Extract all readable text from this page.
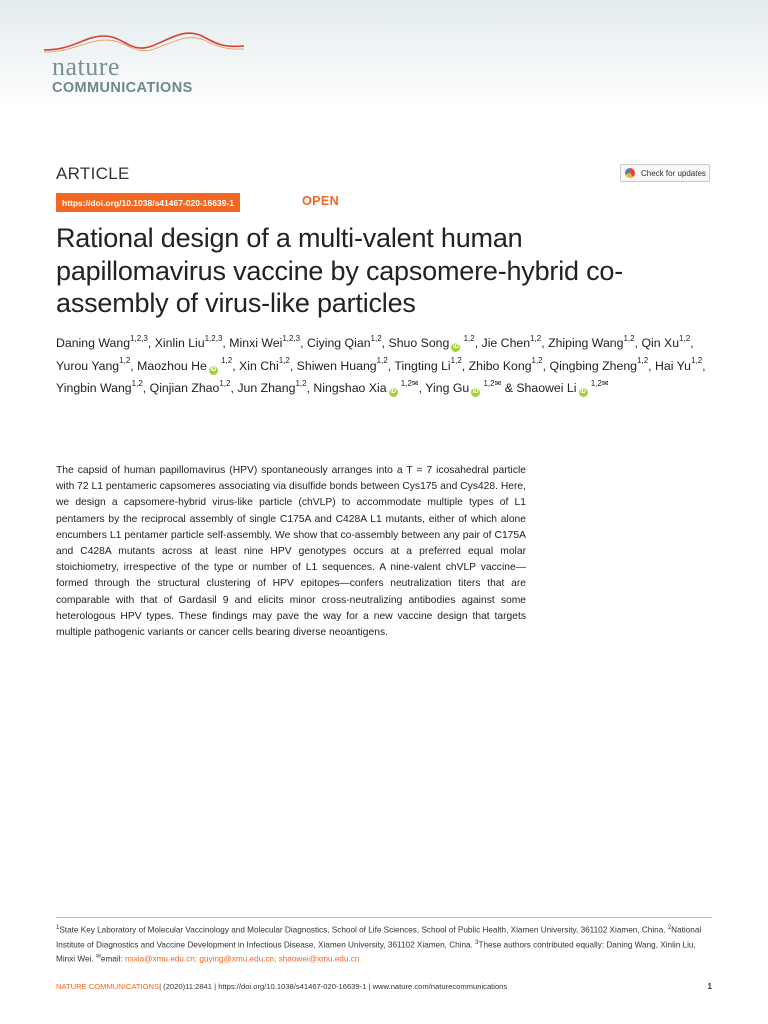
nature
COMMUNICATIONS
ARTICLE	Check for updates
https://doi.org/10.1038/s41467-020-16639-1	OPEN
Rational design of a multi-valent human papillomavirus vaccine by capsomere-hybrid co-assembly of virus-like particles
Daning Wang$^{1,2,3}$, Xinlin Liu$^{1,2,3}$, Minxi Wei$^{1,2,3}$, Ciying Qian$^{1,2}$, Shuo Song iD $^{1,2}$, Jie Chen$^{1,2}$, Zhiping Wang$^{1,2}$, Qin Xu$^{1,2}$, Yurou Yang$^{1,2}$, Maozhou He iD $^{1,2}$, Xin Chi$^{1,2}$, Shiwen Huang$^{1,2}$, Tingting Li$^{1,2}$, Zhibo Kong$^{1,2}$, Qingbing Zheng$^{1,2}$, Hai Yu$^{1,2}$, Yingbin Wang$^{1,2}$, Qinjian Zhao$^{1,2}$, Jun Zhang$^{1,2}$, Ningshao Xia iD $^{1,2✉}$, Ying Gu iD $^{1,2✉}$ & Shaowei Li iD $^{1,2✉}$
The capsid of human papillomavirus (HPV) spontaneously arranges into a T = 7 icosahedral particle with 72 L1 pentameric capsomeres associating via disulfide bonds between Cys175 and Cys428. Here, we design a capsomere-hybrid virus-like particle (chVLP) to accommodate multiple types of L1 pentamers by the reciprocal assembly of single C175A and C428A L1 mutants, either of which alone encumbers L1 pentamer particle self-assembly. We show that co-assembly between any pair of C175A and C428A mutants across at least nine HPV genotypes occurs at a preferred equal molar stoichiometry, irrespective of the type or number of L1 sequences. A nine-valent chVLP vaccine—formed through the structural clustering of HPV epitopes—confers neutralization titers that are comparable with that of Gardasil 9 and elicits minor cross-neutralizing antibodies against some heterologous HPV types. These findings may pave the way for a new vaccine design that targets multiple pathogenic variants or cancer cells bearing diverse neoantigens.
$^1$State Key Laboratory of Molecular Vaccinology and Molecular Diagnostics, School of Life Sciences, School of Public Health, Xiamen University, 361102 Xiamen, China. $^2$National Institute of Diagnostics and Vaccine Development in Infectious Disease, Xiamen University, 361102 Xiamen, China. $^3$These authors contributed equally: Daning Wang, Xinlin Liu, Minxi Wei. ✉email: nsxia@xmu.edu.cn; guying@xmu.edu.cn; shaowei@xmu.edu.cn
NATURE COMMUNICATIONS| (2020)11:2841 | https://doi.org/10.1038/s41467-020-16639-1 | www.nature.com/naturecommunications	1
